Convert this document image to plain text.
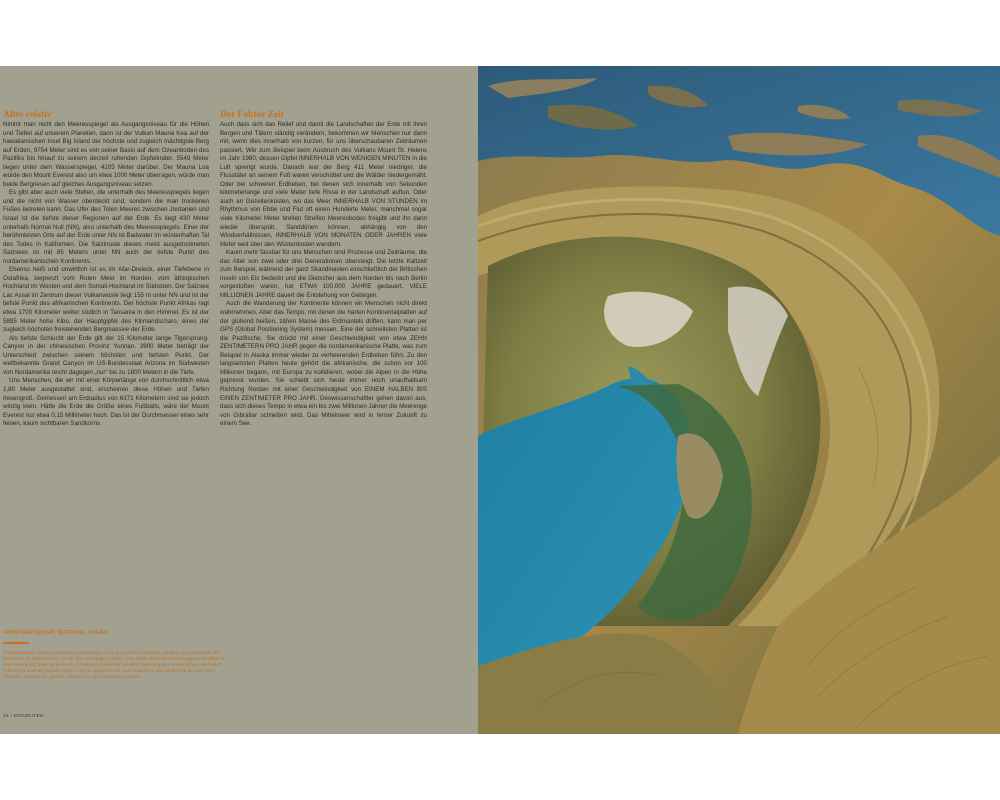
Alles relativ

Nimmt man nicht den Meeresspiegel als Ausgangsniveau für die Höhen und Tiefen auf unserem Planeten, dann ist der Vulkan Mauna Kea auf der hawaiianischen Insel Big Island der höchste und zugleich mächtigste Berg auf Erden, 9754 Meter sind es von seiner Basis auf dem Ozeanboden des Pazifiks bis hinauf zu seinem derzeit ruhenden Gipfelkrater. 5549 Meter liegen unter dem Wasserspiegel, 4205 Meter darüber. Der Mauna Loa würde den Mount Everest also um etwa 1000 Meter überragen, würde man beide Bergriesen auf gleiches Ausgangsniveau setzen.

Es gibt aber auch viele Stellen, die unterhalb des Meeresspiegels liegen und die nicht von Wasser überdeckt sind, sondern die man trockenen Fußes betreten kann. Das Ufer des Toten Meeres zwischen Jordanien und Israel ist die tiefste dieser Regionen auf der Erde. Es liegt 430 Meter unterhalb Normal Null (NN), also unterhalb des Meeresspiegels. Einer der berühmtesten Orte auf der Erde unter NN ist Badwater im wüstenhaften Tal des Todes in Kalifornien. Die Salzkruste dieses meist ausgetrockneten Salzsees ist mit 85 Metern unter NN auch der tiefste Punkt des nordamerikanischen Kontinents.

Ebenso heiß und unwirtlich ist es im Afar-Dreieck, einer Tiefebene in Ostafrika, begrenzt vom Roten Meer im Norden, vom äthiopischen Hochland im Westen und dem Somali-Hochland im Südosten. Der Salzsee Lac Assal im Zentrum dieser Vulkanwüste liegt 155 m unter NN und ist der tiefste Punkt des afrikanischen Kontinents. Der höchste Punkt Afrikas ragt etwa 1700 Kilometer weiter südlich in Tansania in den Himmel. Es ist der 5895 Meter hohe Kibo, der Hauptgipfel des Kilimandscharo, eines der zugleich höchsten freistehenden Bergmassive der Erde.

Als tiefste Schlucht der Erde gilt der 15 Kilometer lange Tigersprung-Canyon in der chinesischen Provinz Yunnan. 3900 Meter beträgt der Unterschied zwischen seinem höchsten und tiefsten Punkt. Der weltbekannte Grand Canyon im US-Bundesstaat Arizona im Südwesten von Nordamerika reicht dagegen „nur“ bis zu 1800 Metern in die Tiefe.

Uns Menschen, die wir mit einer Körperlänge von durchschnittlich etwa 1,80 Meter ausgestattet sind, erscheinen diese Höhen und Tiefen riesengroß. Gemessen am Erdradius von 6371 Kilometern sind sie jedoch winzig klein. Hätte die Erde die Größe eines Fußballs, wäre der Mount Everest nur etwa 0,15 Millimeter hoch. Das ist der Durchmesser eines sehr feinen, kaum sichtbaren Sandkorns.

Der Faktor Zeit

Auch dass sich das Relief und damit die Landschaften der Erde mit ihren Bergen und Tälern ständig verändern, bekommen wir Menschen nur dann mit, wenn dies innerhalb von kurzen, für uns überschaubaren Zeiträumen passiert. Wie zum Beispiel beim Ausbruch des Vulkans Mount St. Helens im Jahr 1980, dessen Gipfel INNERHALB VON WENIGEN MINUTEN in die Luft sprengt wurde. Danach war der Berg 411 Meter niedriger, die Flusstäler an seinem Fuß waren verschüttet und die Wälder niedergemäht. Oder bei schweren Erdbeben, bei denen sich innerhalb von Sekunden kilometerlange und viele Meter tiefe Risse in der Landschaft auftun. Oder auch an Gezeitenküsten, wo das Meer INNERHALB VON STUNDEN im Rhythmus von Ebbe und Flut oft einen Hunderte Meter, manchmal sogar viele Kilometer Meter breiten Streifen Meeresboden freigibt und ihn dann wieder überspült. Sanddünen können, abhängig von den Windverhältnissen, INNERHALB VON MONATEN ODER JAHREN viele Meter weit über den Wüstenboden wandern.

Kaum mehr fassbar für uns Menschen sind Prozesse und Zeiträume, die das Alter von zwei oder drei Generationen übersteigt. Die letzte Kaltzeit zum Beispiel, während der ganz Skandinavien einschließlich der Britischen Inseln von Eis bedeckt und die Gletscher aus dem Norden bis nach Berlin vorgestoßen waren, hat ETWA 100.000 JAHRE gedauert. VIELE MILLIONEN JAHRE dauert die Entstehung von Gebirgen.

Auch die Wanderung der Kontinente können wir Menschen nicht direkt wahrnehmen. Aber das Tempo, mit denen die harten Kontinentalplatten auf der glühend heißen, zähen Masse des Erdmantels driften, kann man per GPS (Global Positioning System) messen. Eine der schnellsten Platten ist die Pazifische. Sie drückt mit einer Geschwindigkeit von etwa ZEHN ZENTIMETERN PRO JAHR gegen die nordamerikanische Platte, was zum Beispiel in Alaska immer wieder zu verheerenden Erdbeben führt. Zu den langsamsten Platten heute gehört die afrikanische, die schon vor 100 Millionen begann, mit Europa zu kollidieren, wobei die Alpen in die Höhe gepresst wurden. Sie schiebt sich heute immer noch unaufhaltsam Richtung Norden mit einer Geschwindigkeit von EINEM HALBEN BIS EINEN ZENTIMETER PRO JAHR. Geowissenschaftler gehen davon aus, dass sich dieses Tempo in etwa ein bis zwei Millionen Jahren die Meerenge von Gibraltar schließen wird. Das Mittelmeer wird in ferner Zukunft zu einem See.

FORNI-GLETSCHER, SÜDTIROL, ITALIEN
Schmelzwasser strömt an warmen Sommertagen nicht nur auf dem Gletscher, sondern auch unterhalb der Eismasse, im Gletscherbett, zu Tal. Die ursprünglich flache, viele Meter dicke Gletscherzunge wurde dabei so stark untergräbt, dass sie einbrach. Ein riesiger Eistrichter entsteht. Eine Gruppe von Menschen, vermutlich Teilnehmer einer Eis-Kurses, wollen sich an diesem Rand zum Untergrund des Gletschers ab. Der Forni-Gletscher ist einer der größten Gletscher in den italienischen Alpen.
24 \ ERDZEITEN
